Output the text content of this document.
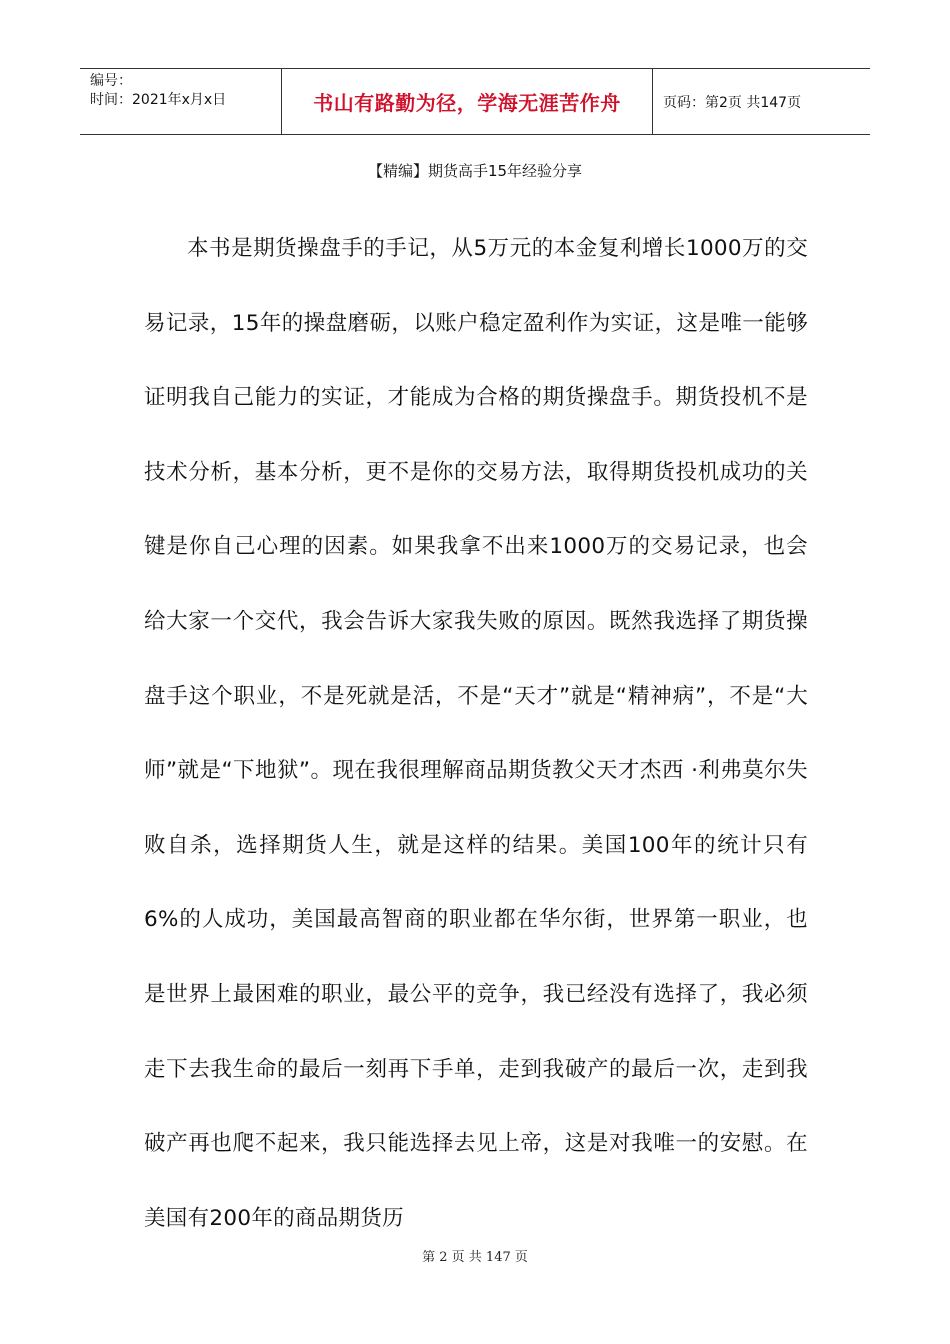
编号：
时间：2021年x月x日	书山有路勤为径，学海无涯苦作舟	页码：第2页 共147页
【精编】期货高手15年经验分享

本书是期货操盘手的手记，从5万元的本金复利增长1000万的交易记录，15年的操盘磨砺，以账户稳定盈利作为实证，这是唯一能够证明我自己能力的实证，才能成为合格的期货操盘手。期货投机不是技术分析，基本分析，更不是你的交易方法，取得期货投机成功的关键是你自己心理的因素。如果我拿不出来1000万的交易记录，也会给大家一个交代，我会告诉大家我失败的原因。既然我选择了期货操盘手这个职业，不是死就是活，不是“天才”就是“精神病”，不是“大师”就是“下地狱”。现在我很理解商品期货教父天才杰西 ·利弗莫尔失败自杀，选择期货人生，就是这样的结果。美国100年的统计只有6%的人成功，美国最高智商的职业都在华尔街，世界第一职业，也是世界上最困难的职业，最公平的竞争，我已经没有选择了，我必须走下去我生命的最后一刻再下手单，走到我破产的最后一次，走到我破产再也爬不起来，我只能选择去见上帝，这是对我唯一的安慰。在美国有200年的商品期货历

第 2 页 共 147 页
